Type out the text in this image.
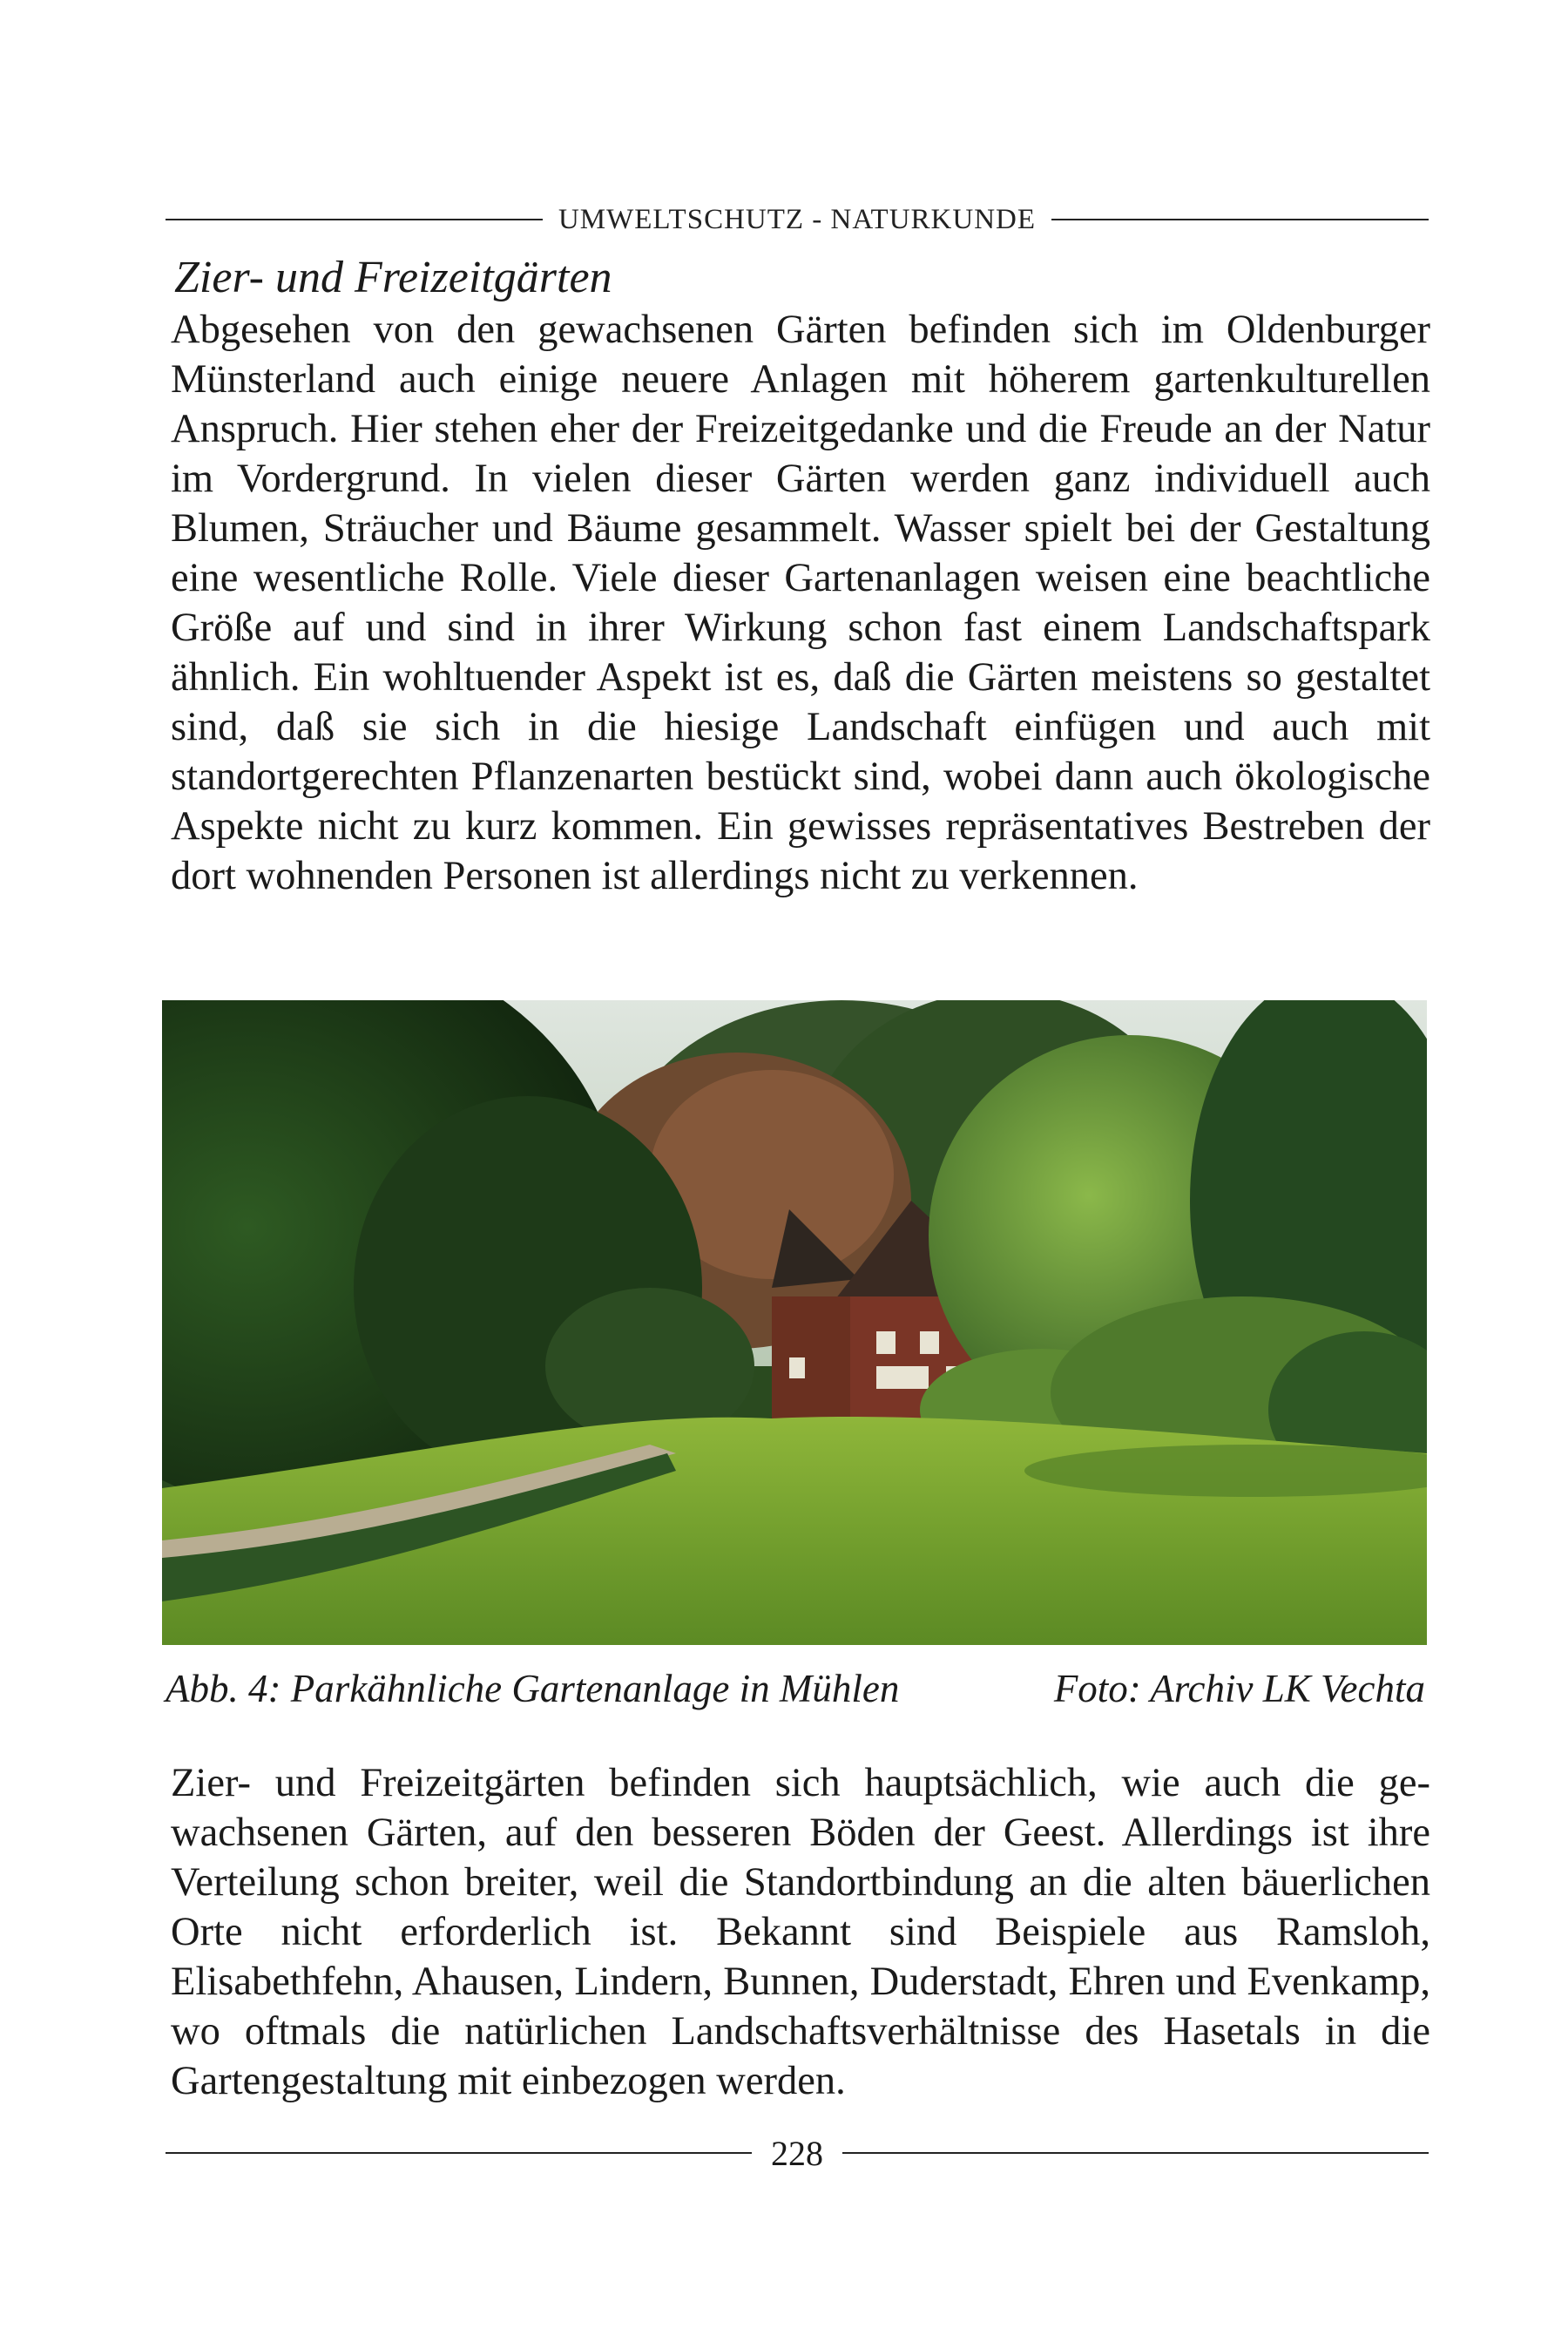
UMWELTSCHUTZ - NATURKUNDE
Zier- und Freizeitgärten

Abgesehen von den gewachsenen Gärten befinden sich im Oldenburger Münsterland auch einige neuere Anlagen mit höherem gartenkulturellen Anspruch. Hier stehen eher der Freizeitgedanke und die Freude an der Natur im Vordergrund. In vielen dieser Gärten werden ganz individuell auch Blumen, Sträucher und Bäume gesammelt. Wasser spielt bei der Gestaltung eine wesentliche Rolle. Viele dieser Gartenanlagen weisen eine beachtliche Größe auf und sind in ihrer Wirkung schon fast einem Landschaftspark ähnlich. Ein wohltuender Aspekt ist es, daß die Gärten meistens so gestaltet sind, daß sie sich in die hiesige Landschaft einfügen und auch mit standortgerechten Pflanzenarten bestückt sind, wobei dann auch ökologische Aspekte nicht zu kurz kommen. Ein gewisses repräsentatives Bestreben der dort wohnenden Personen ist allerdings nicht zu verkennen.

Abb. 4: Parkähnliche Gartenanlage in Mühlen	Foto: Archiv LK Vechta

Zier- und Freizeitgärten befinden sich hauptsächlich, wie auch die gewachsenen Gärten, auf den besseren Böden der Geest. Allerdings ist ihre Verteilung schon breiter, weil die Standortbindung an die alten bäuerlichen Orte nicht erforderlich ist. Bekannt sind Beispiele aus Ramsloh, Elisabethfehn, Ahausen, Lindern, Bunnen, Duderstadt, Ehren und Evenkamp, wo oftmals die natürlichen Landschaftsverhältnisse des Hasetals in die Gartengestaltung mit einbezogen werden.

228
